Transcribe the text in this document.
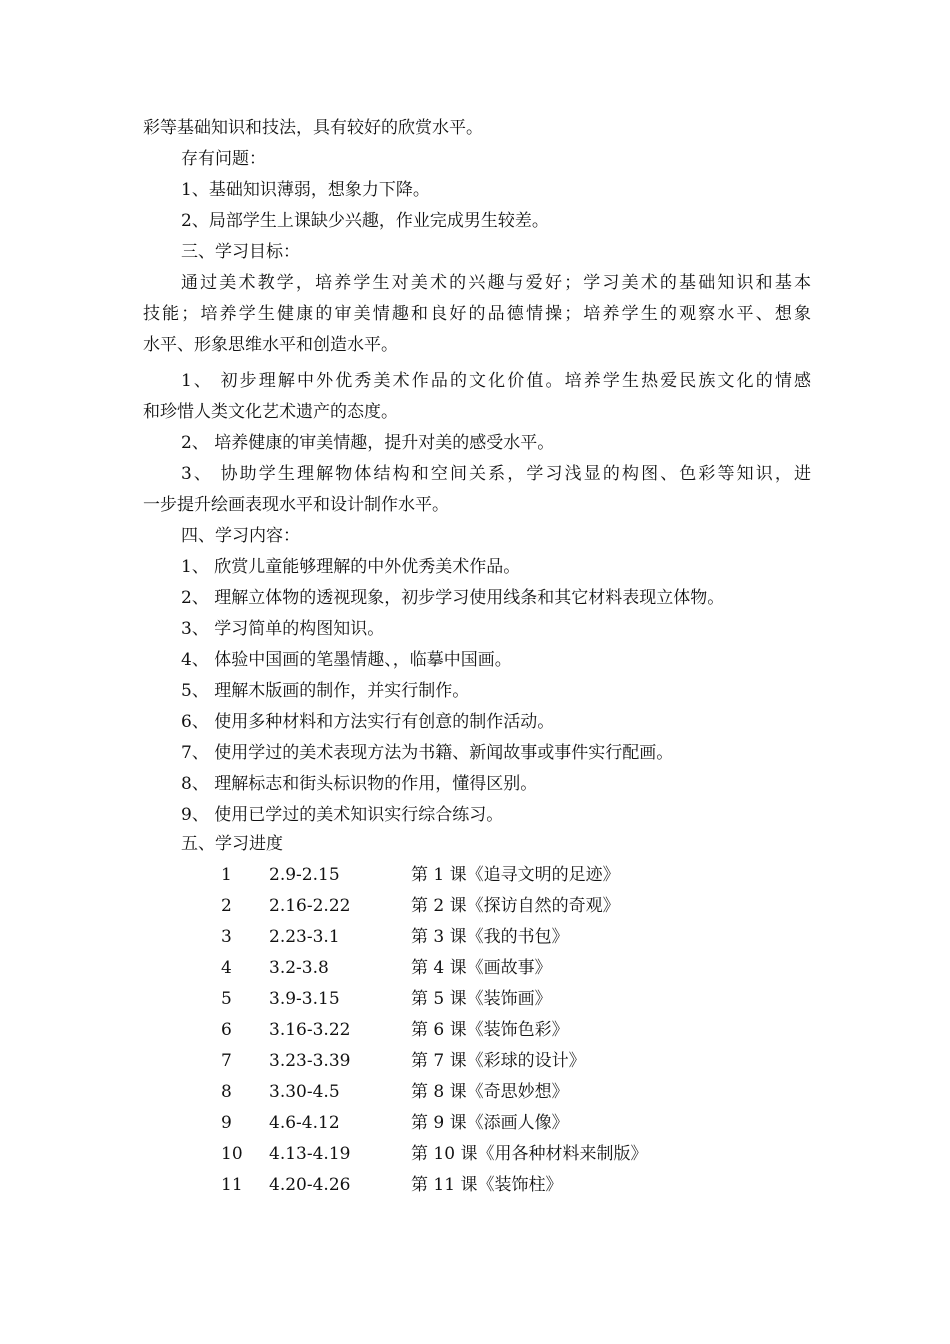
彩等基础知识和技法，具有较好的欣赏水平。
存有问题：
1、基础知识薄弱，想象力下降。
2、局部学生上课缺少兴趣，作业完成男生较差。
三、学习目标：
通过美术教学，培养学生对美术的兴趣与爱好；学习美术的基础知识和基本
技能；培养学生健康的审美情趣和良好的品德情操；培养学生的观察水平、想象
水平、形象思维水平和创造水平。
1、 初步理解中外优秀美术作品的文化价值。培养学生热爱民族文化的情感
和珍惜人类文化艺术遗产的态度。
2、 培养健康的审美情趣，提升对美的感受水平。
3、 协助学生理解物体结构和空间关系，学习浅显的构图、色彩等知识，进
一步提升绘画表现水平和设计制作水平。
四、学习内容：
1、 欣赏儿童能够理解的中外优秀美术作品。
2、 理解立体物的透视现象，初步学习使用线条和其它材料表现立体物。
3、 学习简单的构图知识。
4、 体验中国画的笔墨情趣、，临摹中国画。
5、 理解木版画的制作，并实行制作。
6、 使用多种材料和方法实行有创意的制作活动。
7、 使用学过的美术表现方法为书籍、新闻故事或事件实行配画。
8、 理解标志和街头标识物的作用，懂得区别。
9、 使用已学过的美术知识实行综合练习。
五、学习进度
1 2.9-2.15	第 1 课《追寻文明的足迹》
2 2.16-2.22	第 2 课《探访自然的奇观》
3 2.23-3.1	第 3 课《我的书包》
4 3.2-3.8	第 4 课《画故事》
5 3.9-3.15	第 5 课《装饰画》
6 3.16-3.22	第 6 课《装饰色彩》
7 3.23-3.39	第 7 课《彩球的设计》
8 3.30-4.5	第 8 课《奇思妙想》
9 4.6-4.12	第 9 课《添画人像》
10 4.13-4.19	第 10 课《用各种材料来制版》
11 4.20-4.26	第 11 课《装饰柱》
